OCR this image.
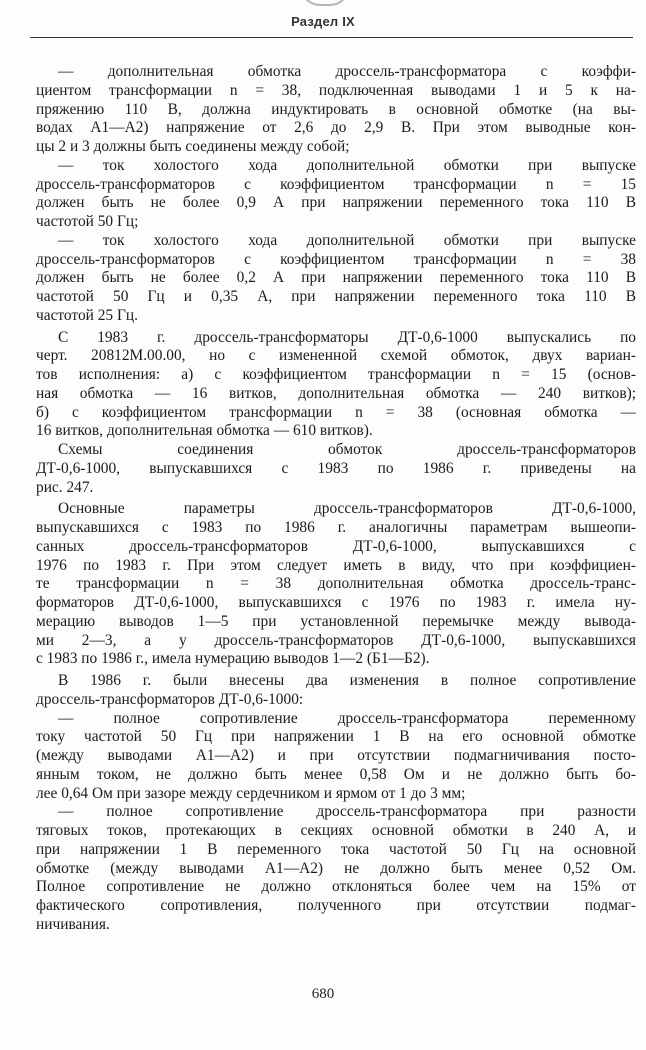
Раздел IX

— дополнительная обмотка дроссель-трансформатора с коэффи-

циентом трансформации n = 38, подключенная выводами 1 и 5 к на-

пряжению 110 В, должна индуктировать в основной обмотке (на вы-

водах А1—А2) напряжение от 2,6 до 2,9 В. При этом выводные кон-

цы 2 и 3 должны быть соединены между собой;

— ток холостого хода дополнительной обмотки при выпуске

дроссель-трансформаторов с коэффициентом трансформации n = 15

должен быть не более 0,9 А при напряжении переменного тока 110 В

частотой 50 Гц;

— ток холостого хода дополнительной обмотки при выпуске

дроссель-трансформаторов с коэффициентом трансформации n = 38

должен быть не более 0,2 А при напряжении переменного тока 110 В

частотой 50 Гц и 0,35 А, при напряжении переменного тока 110 В

частотой 25 Гц.

С 1983 г. дроссель-трансформаторы ДТ-0,6-1000 выпускались по

черт. 20812М.00.00, но с измененной схемой обмоток, двух вариан-

тов исполнения: а) с коэффициентом трансформации n = 15 (основ-

ная обмотка — 16 витков, дополнительная обмотка — 240 витков);

б) с коэффициентом трансформации n = 38 (основная обмотка —

16 витков, дополнительная обмотка — 610 витков).

Схемы соединения обмоток дроссель-трансформаторов

ДТ-0,6-1000, выпускавшихся с 1983 по 1986 г. приведены на

рис. 247.

Основные параметры дроссель-трансформаторов ДТ-0,6-1000,

выпускавшихся с 1983 по 1986 г. аналогичны параметрам вышеопи-

санных дроссель-трансформаторов ДТ-0,6-1000, выпускавшихся с

1976 по 1983 г. При этом следует иметь в виду, что при коэффициен-

те трансформации n = 38 дополнительная обмотка дроссель-транс-

форматоров ДТ-0,6-1000, выпускавшихся с 1976 по 1983 г. имела ну-

мерацию выводов 1—5 при установленной перемычке между вывода-

ми 2—3, а у дроссель-трансформаторов ДТ-0,6-1000, выпускавшихся

с 1983 по 1986 г., имела нумерацию выводов 1—2 (Б1—Б2).

В 1986 г. были внесены два изменения в полное сопротивление

дроссель-трансформаторов ДТ-0,6-1000:

— полное сопротивление дроссель-трансформатора переменному

току частотой 50 Гц при напряжении 1 В на его основной обмотке

(между выводами А1—А2) и при отсутствии подмагничивания посто-

янным током, не должно быть менее 0,58 Ом и не должно быть бо-

лее 0,64 Ом при зазоре между сердечником и ярмом от 1 до 3 мм;

— полное сопротивление дроссель-трансформатора при разности

тяговых токов, протекающих в секциях основной обмотки в 240 А, и

при напряжении 1 В переменного тока частотой 50 Гц на основной

обмотке (между выводами А1—А2) не должно быть менее 0,52 Ом.

Полное сопротивление не должно отклоняться более чем на 15% от

фактического сопротивления, полученного при отсутствии подмаг-

ничивания.

680
